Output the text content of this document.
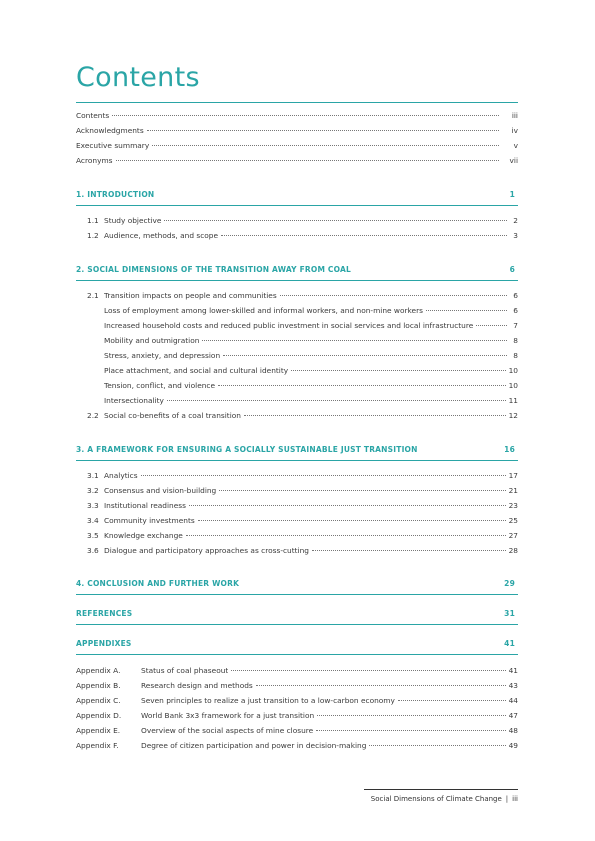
Contents
Contents	iii
Acknowledgments	iv
Executive summary	v
Acronyms	vii
1. INTRODUCTION	1
1.1 Study objective	2
1.2 Audience, methods, and scope	3
2. SOCIAL DIMENSIONS OF THE TRANSITION AWAY FROM COAL	6
2.1 Transition impacts on people and communities	6
Loss of employment among lower-skilled and informal workers, and non-mine workers	6
Increased household costs and reduced public investment in social services and local infrastructure	7
Mobility and outmigration	8
Stress, anxiety, and depression	8
Place attachment, and social and cultural identity	10
Tension, conflict, and violence	10
Intersectionality	11
2.2 Social co-benefits of a coal transition	12
3. A FRAMEWORK FOR ENSURING A SOCIALLY SUSTAINABLE JUST TRANSITION	16
3.1 Analytics	17
3.2 Consensus and vision-building	21
3.3 Institutional readiness	23
3.4 Community investments	25
3.5 Knowledge exchange	27
3.6 Dialogue and participatory approaches as cross-cutting	28
4. CONCLUSION AND FURTHER WORK	29
REFERENCES	31
APPENDIXES	41
Appendix A.	Status of coal phaseout	41
Appendix B.	Research design and methods	43
Appendix C.	Seven principles to realize a just transition to a low-carbon economy	44
Appendix D.	World Bank 3x3 framework for a just transition	47
Appendix E.	Overview of the social aspects of mine closure	48
Appendix F.	Degree of citizen participation and power in decision-making	49
Social Dimensions of Climate Change | iii
